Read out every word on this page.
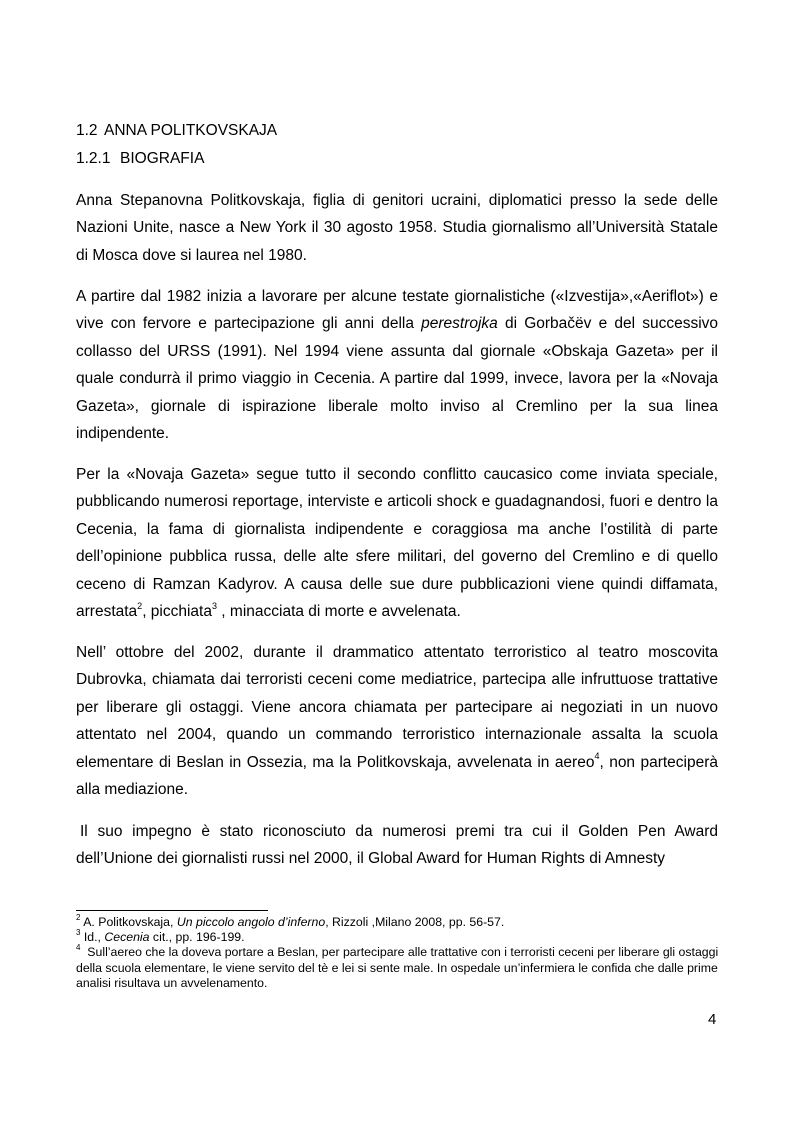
1.2 ANNA POLITKOVSKAJA
1.2.1 BIOGRAFIA

Anna Stepanovna Politkovskaja, figlia di genitori ucraini, diplomatici presso la sede delle Nazioni Unite, nasce a New York il 30 agosto 1958. Studia giornalismo all’Università Statale di Mosca dove si laurea nel 1980.

A partire dal 1982 inizia a lavorare per alcune testate giornalistiche («Izvestija»,«Aeriflot») e vive con fervore e partecipazione gli anni della perestrojka di Gorbačëv e del successivo collasso del URSS (1991). Nel 1994 viene assunta dal giornale «Obskaja Gazeta» per il quale condurrà il primo viaggio in Cecenia. A partire dal 1999, invece, lavora per la «Novaja Gazeta», giornale di ispirazione liberale molto inviso al Cremlino per la sua linea indipendente.

Per la «Novaja Gazeta» segue tutto il secondo conflitto caucasico come inviata speciale, pubblicando numerosi reportage, interviste e articoli shock e guadagnandosi, fuori e dentro la Cecenia, la fama di giornalista indipendente e coraggiosa ma anche l’ostilità di parte dell’opinione pubblica russa, delle alte sfere militari, del governo del Cremlino e di quello ceceno di Ramzan Kadyrov. A causa delle sue dure pubblicazioni viene quindi diffamata, arrestata$^2$, picchiata$^3$ , minacciata di morte e avvelenata.

Nell’ ottobre del 2002, durante il drammatico attentato terroristico al teatro moscovita Dubrovka, chiamata dai terroristi ceceni come mediatrice, partecipa alle infruttuose trattative per liberare gli ostaggi. Viene ancora chiamata per partecipare ai negoziati in un nuovo attentato nel 2004, quando un commando terroristico internazionale assalta la scuola elementare di Beslan in Ossezia, ma la Politkovskaja, avvelenata in aereo$^4$, non parteciperà alla mediazione.

Il suo impegno è stato riconosciuto da numerosi premi tra cui il Golden Pen Award dell’Unione dei giornalisti russi nel 2000, il Global Award for Human Rights di Amnesty

$^2$ A. Politkovskaja, Un piccolo angolo d’inferno, Rizzoli ,Milano 2008, pp. 56-57.
$^3$ Id., Cecenia cit., pp. 196-199.
$^4$ Sull’aereo che la doveva portare a Beslan, per partecipare alle trattative con i terroristi ceceni per liberare gli ostaggi della scuola elementare, le viene servito del tè e lei si sente male. In ospedale un’infermiera le confida che dalle prime analisi risultava un avvelenamento.
4
